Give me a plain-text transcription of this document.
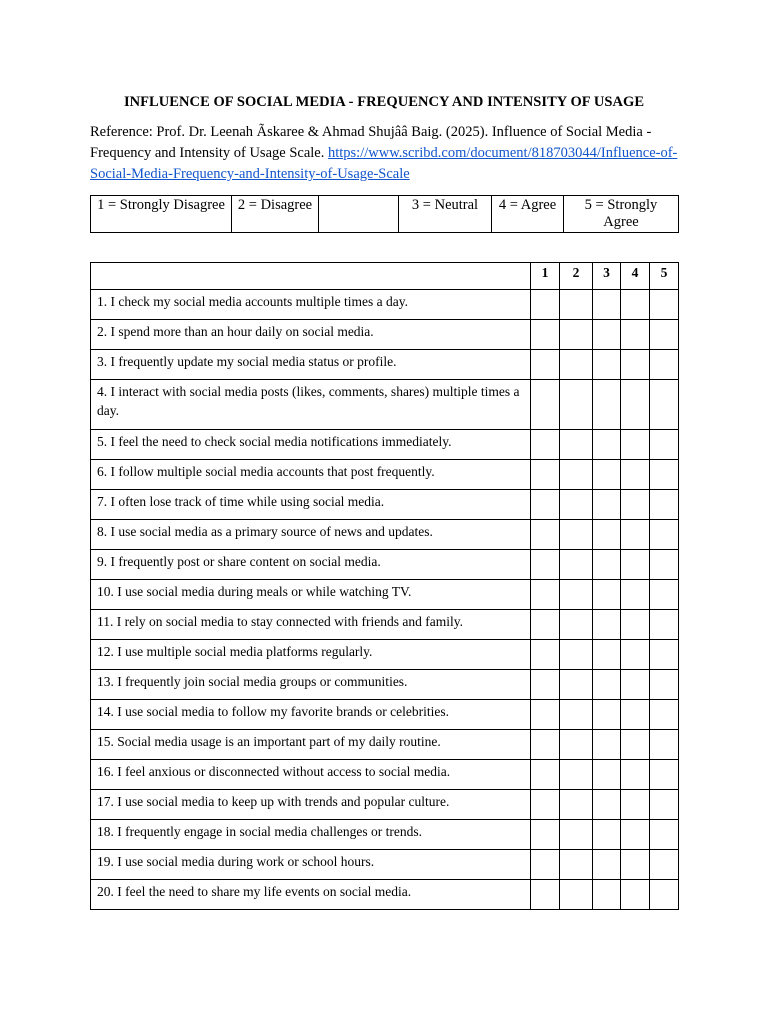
INFLUENCE OF SOCIAL MEDIA - FREQUENCY AND INTENSITY OF USAGE

Reference: Prof. Dr. Leenah Ãskaree & Ahmad Shujââ Baig. (2025). Influence of Social Media - Frequency and Intensity of Usage Scale. https://www.scribd.com/document/818703044/Influence-of-Social-Media-Frequency-and-Intensity-of-Usage-Scale

1 = Strongly Disagree	2 = Disagree		3 = Neutral	4 = Agree	5 = Strongly Agree
	1	2	3	4	5
1. I check my social media accounts multiple times a day.					
2. I spend more than an hour daily on social media.					
3. I frequently update my social media status or profile.					
4. I interact with social media posts (likes, comments, shares) multiple times a day.					
5. I feel the need to check social media notifications immediately.					
6. I follow multiple social media accounts that post frequently.					
7. I often lose track of time while using social media.					
8. I use social media as a primary source of news and updates.					
9. I frequently post or share content on social media.					
10. I use social media during meals or while watching TV.					
11. I rely on social media to stay connected with friends and family.					
12. I use multiple social media platforms regularly.					
13. I frequently join social media groups or communities.					
14. I use social media to follow my favorite brands or celebrities.					
15. Social media usage is an important part of my daily routine.					
16. I feel anxious or disconnected without access to social media.					
17. I use social media to keep up with trends and popular culture.					
18. I frequently engage in social media challenges or trends.					
19. I use social media during work or school hours.					
20. I feel the need to share my life events on social media.					
